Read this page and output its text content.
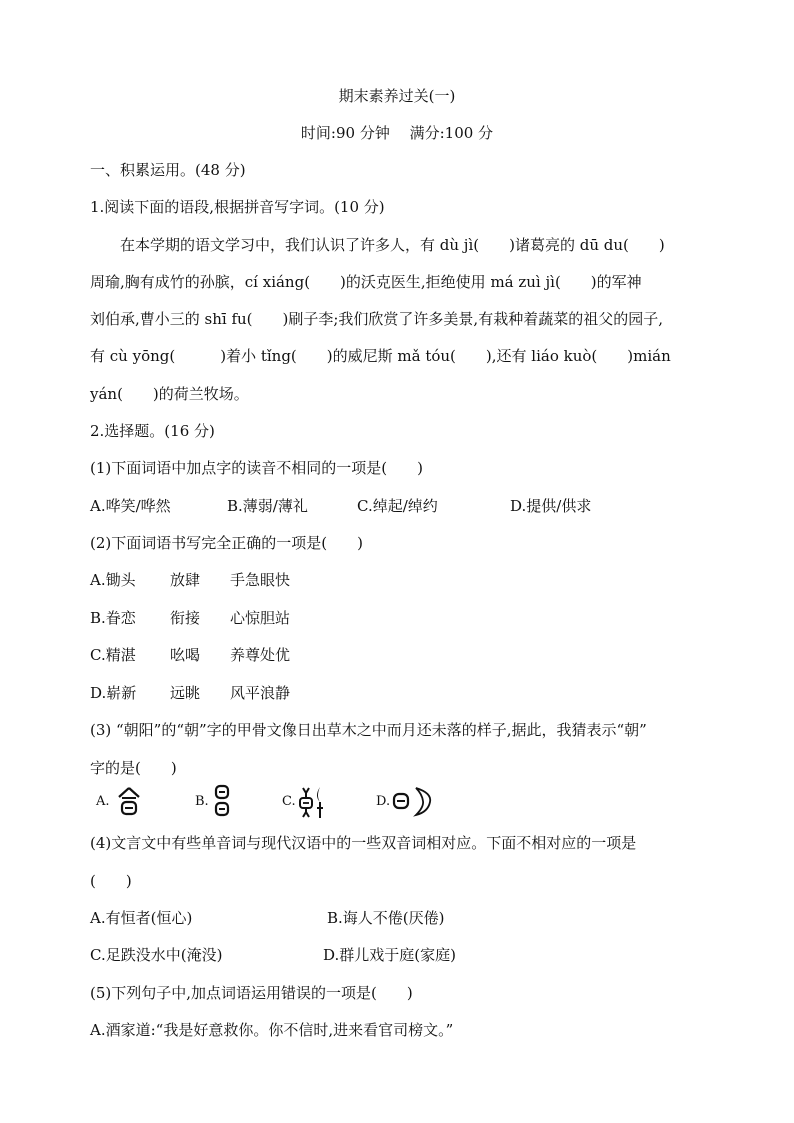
期末素养过关(一)
时间:90 分钟　 满分:100 分
一、积累运用。(48 分)
1.阅读下面的语段,根据拼音写字词。(10 分)
　　在本学期的语文学习中，我们认识了许多人，有 dù jì(　　)诸葛亮的 dū du(　　)
周瑜,胸有成竹的孙膑，cí xiáng(　　)的沃克医生,拒绝使用 má zuì jì(　　)的军神
刘伯承,曹小三的 shī fu(　　)刷子李;我们欣赏了许多美景,有栽种着蔬菜的祖父的园子,
有 cù yōng(　　　)着小 tǐng(　　)的威尼斯 mǎ tóu(　　),还有 liáo kuò(　　)mián
yán(　　)的荷兰牧场。
2.选择题。(16 分)
(1)下面词语中加点字的读音不相同的一项是(　　)
A.哗笑/哗然	B.薄弱/薄礼	C.绰起/绰约	D.提供/供求
(2)下面词语书写完全正确的一项是(　　)
A.锄头 放肆 手急眼快
B.眷恋 衔接 心惊胆站
C.精湛 吆喝 养尊处优
D.崭新 远眺 风平浪静
(3) “朝阳”的“朝”字的甲骨文像日出草木之中而月还未落的样子,据此，我猜表示“朝”
字的是(　　)
A.	B.	C.	D.
(4)文言文中有些单音词与现代汉语中的一些双音词相对应。下面不相对应的一项是
(　　)
A.有恒者(恒心)	B.诲人不倦(厌倦)
C.足跌没水中(淹没)	D.群儿戏于庭(家庭)
(5)下列句子中,加点词语运用错误的一项是(　　)
A.酒家道:“我是好意救你。你不信时,进来看官司榜文。”
